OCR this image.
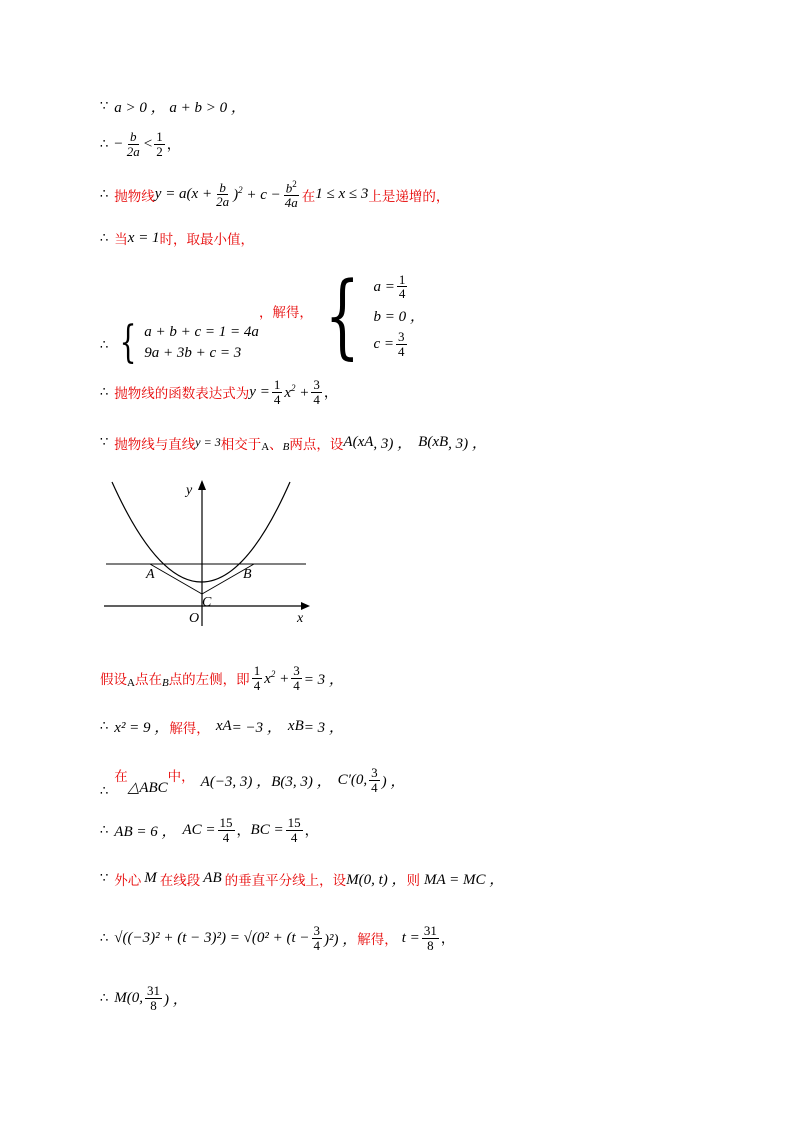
∵ a > 0 ， a + b > 0 ，
∴ − $\frac{b}{2a} < \frac{1}{2}$ ，
∴ 抛物线 $y = a(x + \frac{b}{2a} )^2 + c - \frac{b^2}{4a}$ 在 1 ≤ x ≤ 3 上是递增的，
∴ 当 x = 1 时，取最小值，
∴ { a + b + c = 1 = 4a
9a + 3b + c = 3
，解得， { $a = \frac{1}{4}$
b = 0 ，
$c = \frac{3}{4}$
∴ 抛物线的函数表达式为 $y = \frac{1}{4} x^2 + \frac{3}{4}$ ，
∵ 抛物线与直线 y = 3 相交于 A 、 B 两点，设 A(x A , 3) ， B(x B , 3) ，
y
x
A	B
C
O
假设 A 点在 B 点的左侧，即 $\frac{1}{4} x^2 + \frac{3}{4} = 3$ ，
∴ x² = 9 ， 解得， x A = −3 ， x B = 3 ，
∴
在
△ABC
中， A(−3, 3) ， B(3, 3) ， C′(0, $\frac{3}{4}$ ) ，
∴ AB = 6 ， AC = $\frac{15}{4}$ ， BC = $\frac{15}{4}$ ，
∵ 外心 M 在线段 AB 的垂直平分线上，设 M(0, t) ， 则 MA = MC ，
∴ $√((-3)^2 + (t - 3)^2) = √(0^2 + (t - \frac{3}{4} )^2)$ ， 解得， $t = \frac{31}{8}$ ，
∴ M(0, $\frac{31}{8}$ ) ，
